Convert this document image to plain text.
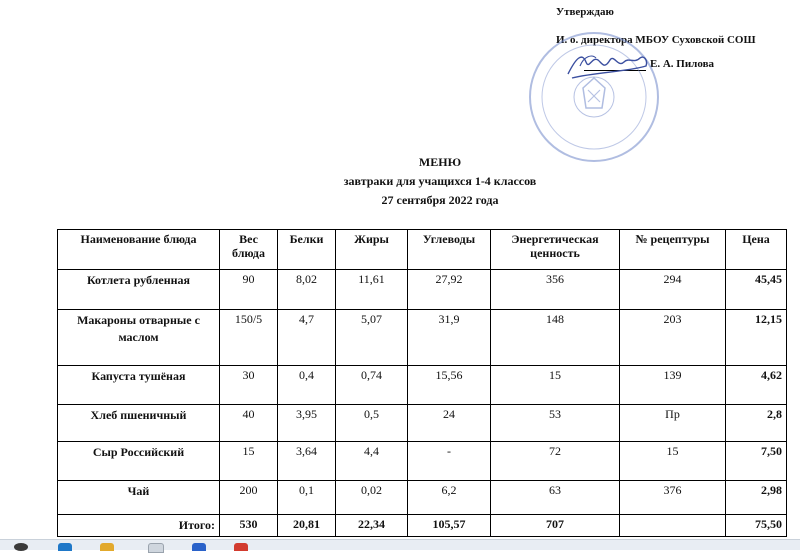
Утверждаю
И. о. директора МБОУ Суховской СОШ
Е. А. Пилова
МЕНЮ
завтраки для учащихся 1-4 классов
27 сентября 2022 года
Наименование блюда	Вес блюда	Белки	Жиры	Углеводы	Энергетическая ценность	№ рецептуры	Цена
Котлета рубленная	90	8,02	11,61	27,92	356	294	45,45
Макароны отварные с маслом	150/5	4,7	5,07	31,9	148	203	12,15
Капуста тушёная	30	0,4	0,74	15,56	15	139	4,62
Хлеб пшеничный	40	3,95	0,5	24	53	Пр	2,8
Сыр Российский	15	3,64	4,4	-	72	15	7,50
Чай	200	0,1	0,02	6,2	63	376	2,98
Итого:	530	20,81	22,34	105,57	707		75,50
